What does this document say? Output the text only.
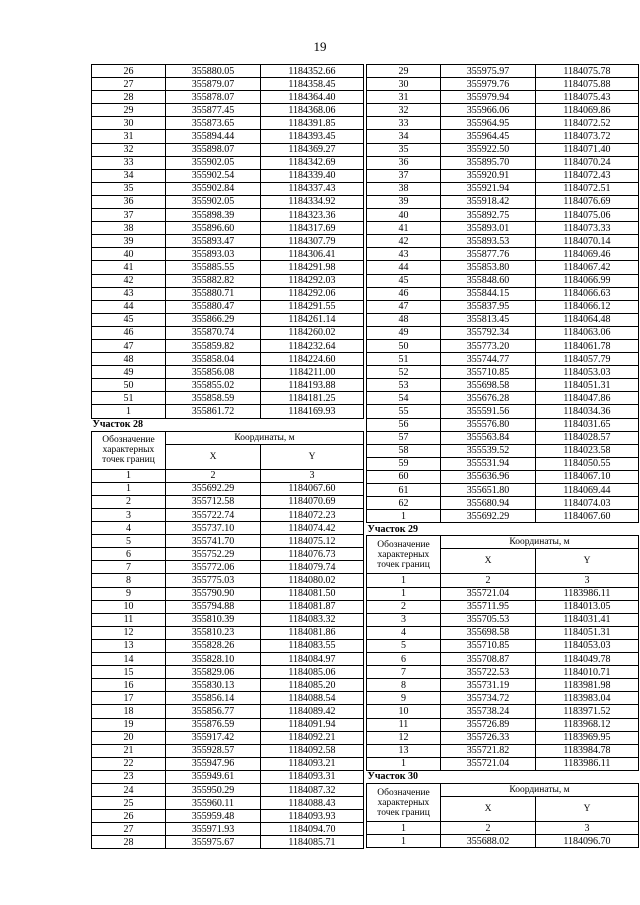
19
26	355880.05	1184352.66
27	355879.07	1184358.45
28	355878.07	1184364.40
29	355877.45	1184368.06
30	355873.65	1184391.85
31	355894.44	1184393.45
32	355898.07	1184369.27
33	355902.05	1184342.69
34	355902.54	1184339.40
35	355902.84	1184337.43
36	355902.05	1184334.92
37	355898.39	1184323.36
38	355896.60	1184317.69
39	355893.47	1184307.79
40	355893.03	1184306.41
41	355885.55	1184291.98
42	355882.82	1184292.03
43	355880.71	1184292.06
44	355880.47	1184291.55
45	355866.29	1184261.14
46	355870.74	1184260.02
47	355859.82	1184232.64
48	355858.04	1184224.60
49	355856.08	1184211.00
50	355855.02	1184193.88
51	355858.59	1184181.25
1	355861.72	1184169.93
Участок 28		
Обозначение характерных точек границ	Координаты, м	
	X	Y
1	2	3
1	355692.29	1184067.60
2	355712.58	1184070.69
3	355722.74	1184072.23
4	355737.10	1184074.42
5	355741.70	1184075.12
6	355752.29	1184076.73
7	355772.06	1184079.74
8	355775.03	1184080.02
9	355790.90	1184081.50
10	355794.88	1184081.87
11	355810.39	1184083.32
12	355810.23	1184081.86
13	355828.26	1184083.55
14	355828.10	1184084.97
15	355829.06	1184085.06
16	355830.13	1184085.20
17	355856.14	1184088.54
18	355856.77	1184089.42
19	355876.59	1184091.94
20	355917.42	1184092.21
21	355928.57	1184092.58
22	355947.96	1184093.21
23	355949.61	1184093.31
24	355950.29	1184087.32
25	355960.11	1184088.43
26	355959.48	1184093.93
27	355971.93	1184094.70
28	355975.67	1184085.71
29	355975.97	1184075.78
30	355979.76	1184075.88
31	355979.94	1184075.43
32	355966.06	1184069.86
33	355964.95	1184072.52
34	355964.45	1184073.72
35	355922.50	1184071.40
36	355895.70	1184070.24
37	355920.91	1184072.43
38	355921.94	1184072.51
39	355918.42	1184076.69
40	355892.75	1184075.06
41	355893.01	1184073.33
42	355893.53	1184070.14
43	355877.76	1184069.46
44	355853.80	1184067.42
45	355848.60	1184066.99
46	355844.15	1184066.63
47	355837.95	1184066.12
48	355813.45	1184064.48
49	355792.34	1184063.06
50	355773.20	1184061.78
51	355744.77	1184057.79
52	355710.85	1184053.03
53	355698.58	1184051.31
54	355676.28	1184047.86
55	355591.56	1184034.36
56	355576.80	1184031.65
57	355563.84	1184028.57
58	355539.52	1184023.58
59	355531.94	1184050.55
60	355636.96	1184067.10
61	355651.80	1184069.44
62	355680.94	1184074.03
1	355692.29	1184067.60
Участок 29		
Обозначение характерных точек границ	Координаты, м	
	X	Y
1	2	3
1	355721.04	1183986.11
2	355711.95	1184013.05
3	355705.53	1184031.41
4	355698.58	1184051.31
5	355710.85	1184053.03
6	355708.87	1184049.78
7	355722.53	1184010.71
8	355731.19	1183981.98
9	355734.72	1183983.04
10	355738.24	1183971.52
11	355726.89	1183968.12
12	355726.33	1183969.95
13	355721.82	1183984.78
1	355721.04	1183986.11
Участок 30		
Обозначение характерных точек границ	Координаты, м	
	X	Y
1	2	3
1	355688.02	1184096.70
